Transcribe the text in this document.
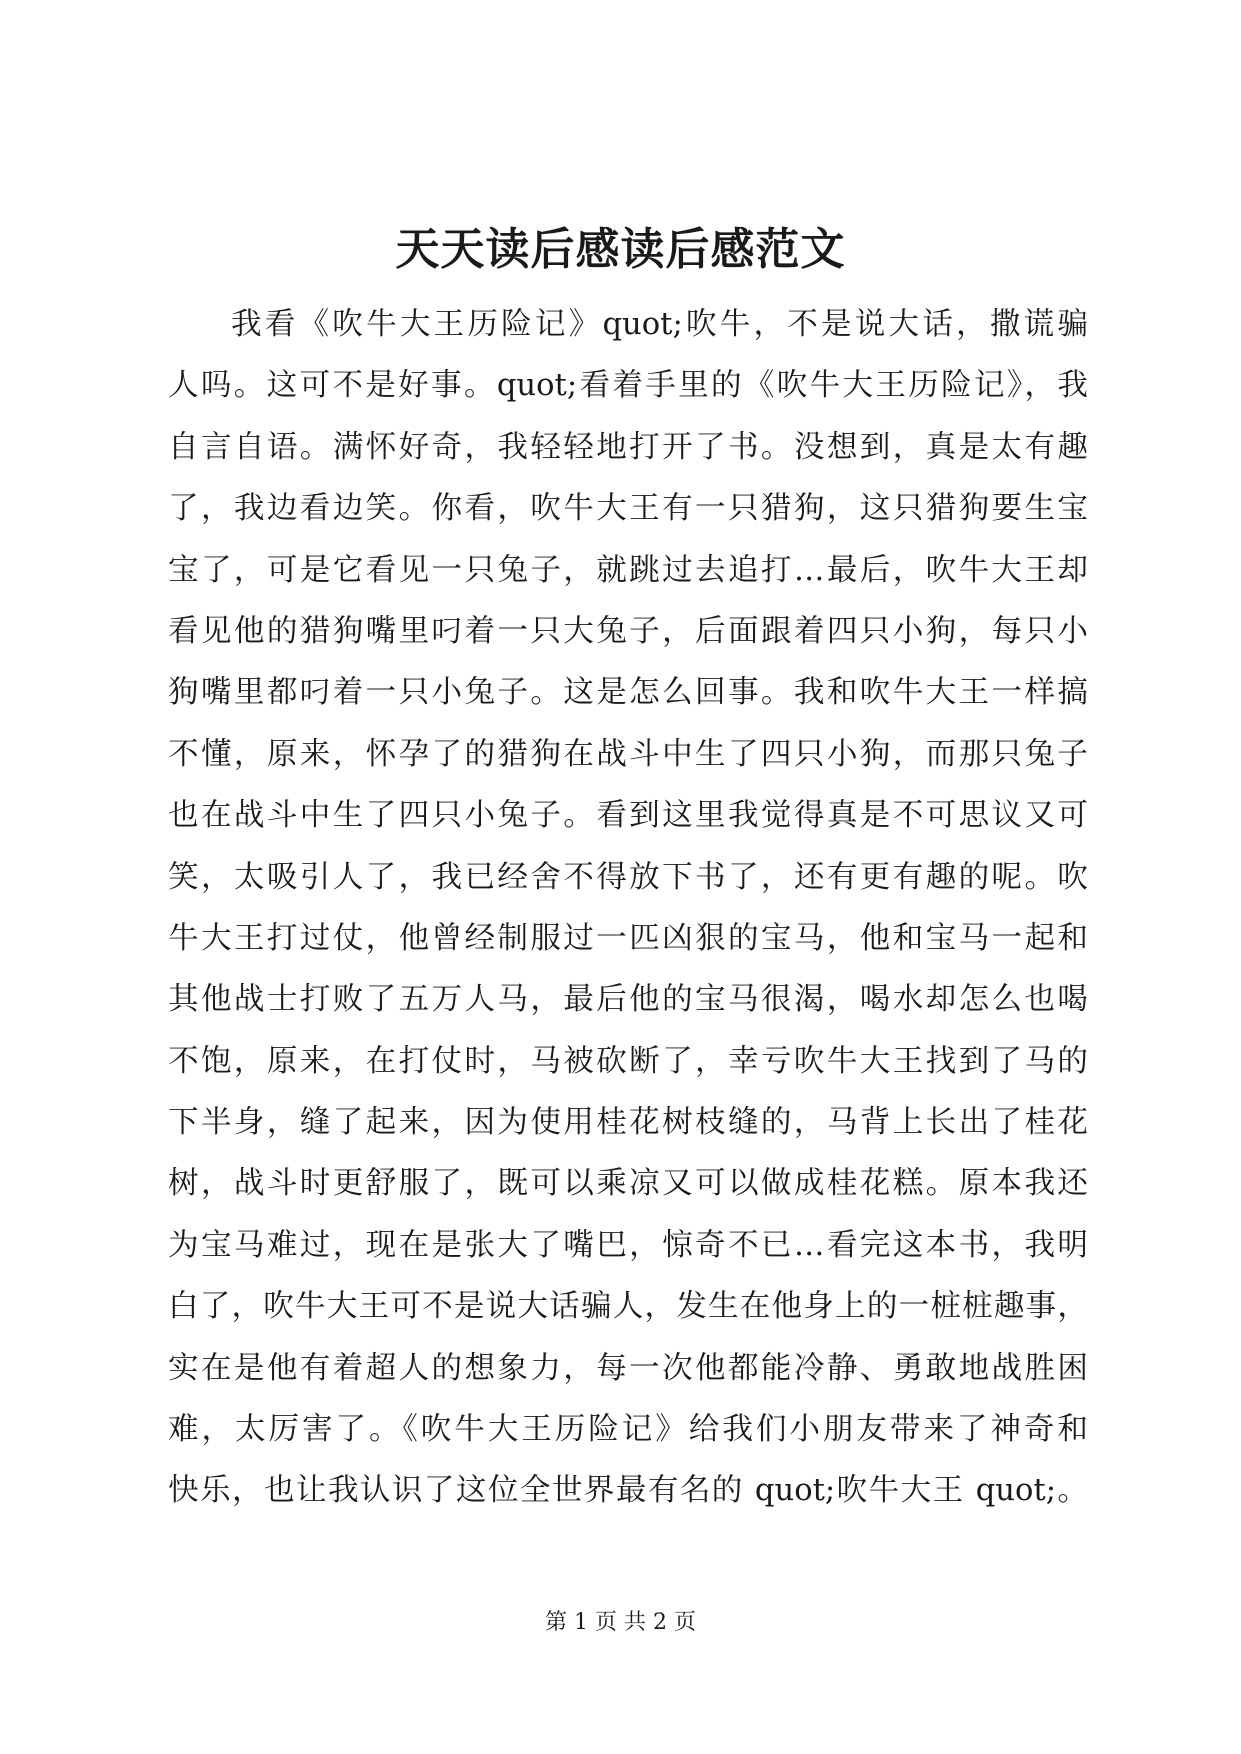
天天读后感读后感范文
我看《吹牛大王历险记》quot;吹牛，不是说大话，撒谎骗
人吗。这可不是好事。quot;看着手里的《吹牛大王历险记》，我
自言自语。满怀好奇，我轻轻地打开了书。没想到，真是太有趣
了，我边看边笑。你看，吹牛大王有一只猎狗，这只猎狗要生宝
宝了，可是它看见一只兔子，就跳过去追打…最后，吹牛大王却
看见他的猎狗嘴里叼着一只大兔子，后面跟着四只小狗，每只小
狗嘴里都叼着一只小兔子。这是怎么回事。我和吹牛大王一样搞
不懂，原来，怀孕了的猎狗在战斗中生了四只小狗，而那只兔子
也在战斗中生了四只小兔子。看到这里我觉得真是不可思议又可
笑，太吸引人了，我已经舍不得放下书了，还有更有趣的呢。吹
牛大王打过仗，他曾经制服过一匹凶狠的宝马，他和宝马一起和
其他战士打败了五万人马，最后他的宝马很渴，喝水却怎么也喝
不饱，原来，在打仗时，马被砍断了，幸亏吹牛大王找到了马的
下半身，缝了起来，因为使用桂花树枝缝的，马背上长出了桂花
树，战斗时更舒服了，既可以乘凉又可以做成桂花糕。原本我还
为宝马难过，现在是张大了嘴巴，惊奇不已…看完这本书，我明
白了，吹牛大王可不是说大话骗人，发生在他身上的一桩桩趣事，
实在是他有着超人的想象力，每一次他都能冷静、勇敢地战胜困
难，太厉害了。《吹牛大王历险记》给我们小朋友带来了神奇和
快乐，也让我认识了这位全世界最有名的 quot;吹牛大王 quot;。
第 1 页 共 2 页
